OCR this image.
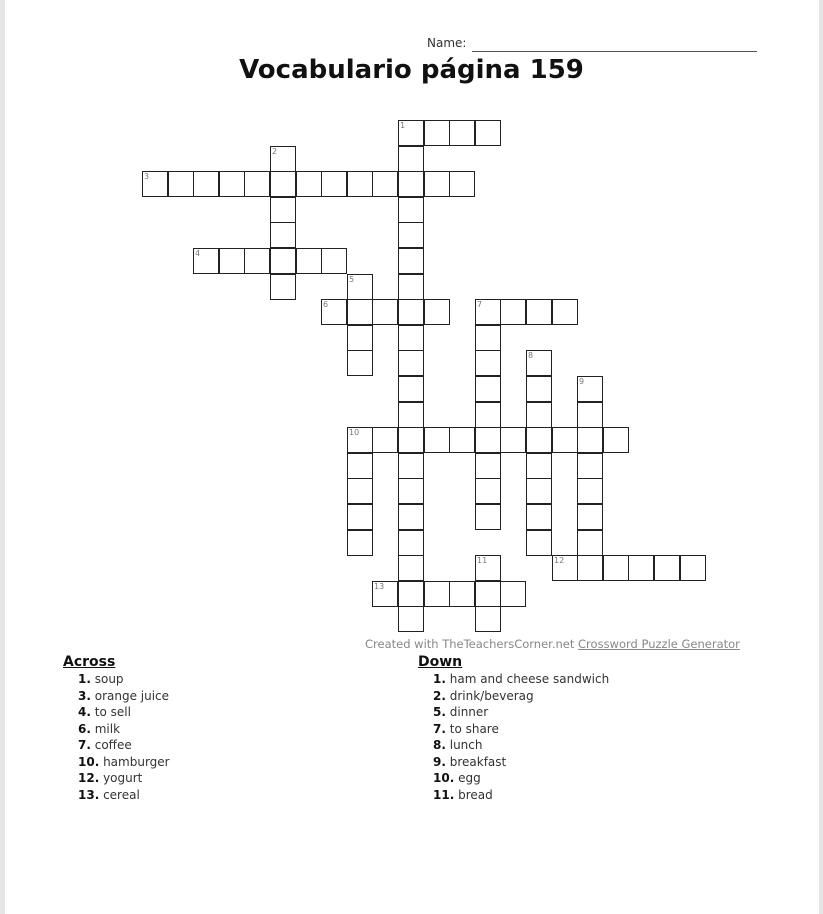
Name:
Vocabulario página 159
1
2
3
4
5
6	7
8
9
10
11	12
13
Created with TheTeachersCorner.net Crossword Puzzle Generator
Across
1. soup
3. orange juice
4. to sell
6. milk
7. coffee
10. hamburger
12. yogurt
13. cereal
Down
1. ham and cheese sandwich
2. drink/beverag
5. dinner
7. to share
8. lunch
9. breakfast
10. egg
11. bread
